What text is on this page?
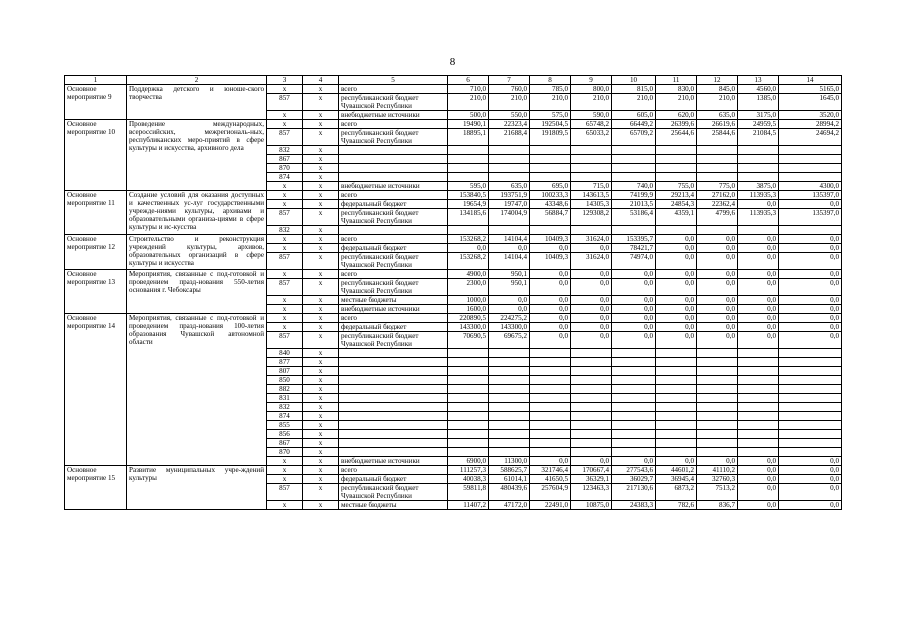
8
1	2	3	4	5	6	7	8	9	10	11	12	13	14
Основное мероприятие 9	Поддержка детского и юноше-ского творчества	x	x	всего	710,0	760,0	785,0	800,0	815,0	830,0	845,0	4560,0	5165,0
		857	x	республиканский бюджет Чувашской Республики	210,0	210,0	210,0	210,0	210,0	210,0	210,0	1385,0	1645,0
		x	x	внебюджетные источники	500,0	550,0	575,0	590,0	605,0	620,0	635,0	3175,0	3520,0
Основное мероприятие 10	Проведение международных, всероссийских, межрегиональ-ных, республиканских меро-приятий в сфере культуры и искусства, архивного дела	x	x	всего	19490,1	22323,4	192504,5	65748,2	66449,2	26399,6	26619,6	24959,5	28994,2
		857	x	республиканский бюджет Чувашской Республики	18895,1	21688,4	191809,5	65033,2	65709,2	25644,6	25844,6	21084,5	24694,2
		832	x										
		867	x										
		870	x										
		874	x										
		x	x	внебюджетные источники	595,0	635,0	695,0	715,0	740,0	755,0	775,0	3875,0	4300,0
Основное мероприятие 11	Создание условий для оказания доступных и качественных ус-луг государственными учрежде-ниями культуры, архивами и образовательными организа-циями в сфере культуры и ис-кусства	x	x	всего	153840,5	193751,9	100233,3	143613,5	74199,9	29213,4	27162,0	113935,3	135397,0
		x	x	федеральный бюджет	19654,9	19747,0	43348,6	14305,3	21013,5	24854,3	22362,4	0,0	0,0
		857	x	республиканский бюджет Чувашской Республики	134185,6	174004,9	56884,7	129308,2	53186,4	4359,1	4799,6	113935,3	135397,0
		832	x										
Основное мероприятие 12	Строительство и реконструкция учреждений культуры, архивов, образовательных организаций в сфере культуры и искусства	x	x	всего	153268,2	14104,4	10409,3	31624,0	153395,7	0,0	0,0	0,0	0,0
		x	x	федеральный бюджет	0,0	0,0	0,0	0,0	78421,7	0,0	0,0	0,0	0,0
		857	x	республиканский бюджет Чувашской Республики	153268,2	14104,4	10409,3	31624,0	74974,0	0,0	0,0	0,0	0,0
Основное мероприятие 13	Мероприятия, связанные с под-готовкой и проведением празд-нования 550-летия основания г. Чебоксары	x	x	всего	4900,0	950,1	0,0	0,0	0,0	0,0	0,0	0,0	0,0
		857	x	республиканский бюджет Чувашской Республики	2300,0	950,1	0,0	0,0	0,0	0,0	0,0	0,0	0,0
		x	x	местные бюджеты	1000,0	0,0	0,0	0,0	0,0	0,0	0,0	0,0	0,0
		x	x	внебюджетные источники	1600,0	0,0	0,0	0,0	0,0	0,0	0,0	0,0	0,0
Основное мероприятие 14	Мероприятия, связанные с под-готовкой и проведением празд-нования 100-летия образования Чувашской автономной области	x	x	всего	220890,5	224275,2	0,0	0,0	0,0	0,0	0,0	0,0	0,0
		x	x	федеральный бюджет	143300,0	143300,0	0,0	0,0	0,0	0,0	0,0	0,0	0,0
		857	x	республиканский бюджет Чувашской Республики	70690,5	69675,2	0,0	0,0	0,0	0,0	0,0	0,0	0,0
		840	x										
		877	x										
		807	x										
		850	x										
		882	x										
		831	x										
		832	x										
		874	x										
		855	x										
		856	x										
		867	x										
		870	x										
		x	x	внебюджетные источники	6900,0	11300,0	0,0	0,0	0,0	0,0	0,0	0,0	0,0
Основное мероприятие 15	Развитие муниципальных учре-ждений культуры	x	x	всего	111257,3	588625,7	321746,4	170667,4	277543,6	44601,2	41110,2	0,0	0,0
		x	x	федеральный бюджет	40038,3	61014,1	41650,5	36329,1	36029,7	36945,4	32760,3	0,0	0,0
		857	x	республиканский бюджет Чувашской Республики	59811,8	480439,6	257604,9	123463,3	217130,6	6873,2	7513,2	0,0	0,0
		x	x	местные бюджеты	11407,2	47172,0	22491,0	10875,0	24383,3	782,6	836,7	0,0	0,0
